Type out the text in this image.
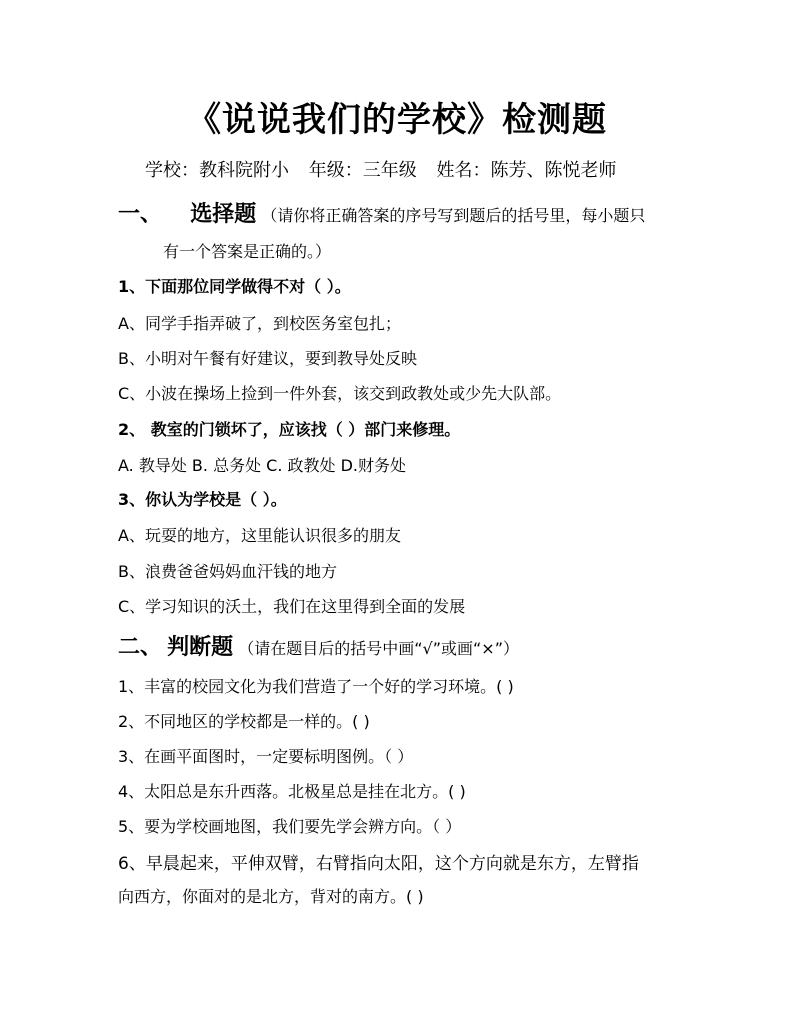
《说说我们的学校》检测题
学校：教科院附小 年级：三年级 姓名：陈芳、陈悦老师
一、 选择题 （请你将正确答案的序号写到题后的括号里，每小题只
有一个答案是正确的。）
1、下面那位同学做得不对（ ）。
A、同学手指弄破了，到校医务室包扎；
B、小明对午餐有好建议，要到教导处反映
C、小波在操场上捡到一件外套，该交到政教处或少先大队部。
2、 教室的门锁坏了，应该找（ ）部门来修理。
A. 教导处 B. 总务处 C. 政教处 D.财务处
3、你认为学校是（ ）。
A、玩耍的地方，这里能认识很多的朋友
B、浪费爸爸妈妈血汗钱的地方
C、学习知识的沃土，我们在这里得到全面的发展
二、 判断题 （请在题目后的括号中画“√”或画“×”）
1、丰富的校园文化为我们营造了一个好的学习环境。( )
2、不同地区的学校都是一样的。( )
3、在画平面图时，一定要标明图例。（ ）
4、太阳总是东升西落。北极星总是挂在北方。( )
5、要为学校画地图，我们要先学会辨方向。（ ）
6、早晨起来，平伸双臂，右臂指向太阳，这个方向就是东方，左臂指
向西方，你面对的是北方，背对的南方。( )
